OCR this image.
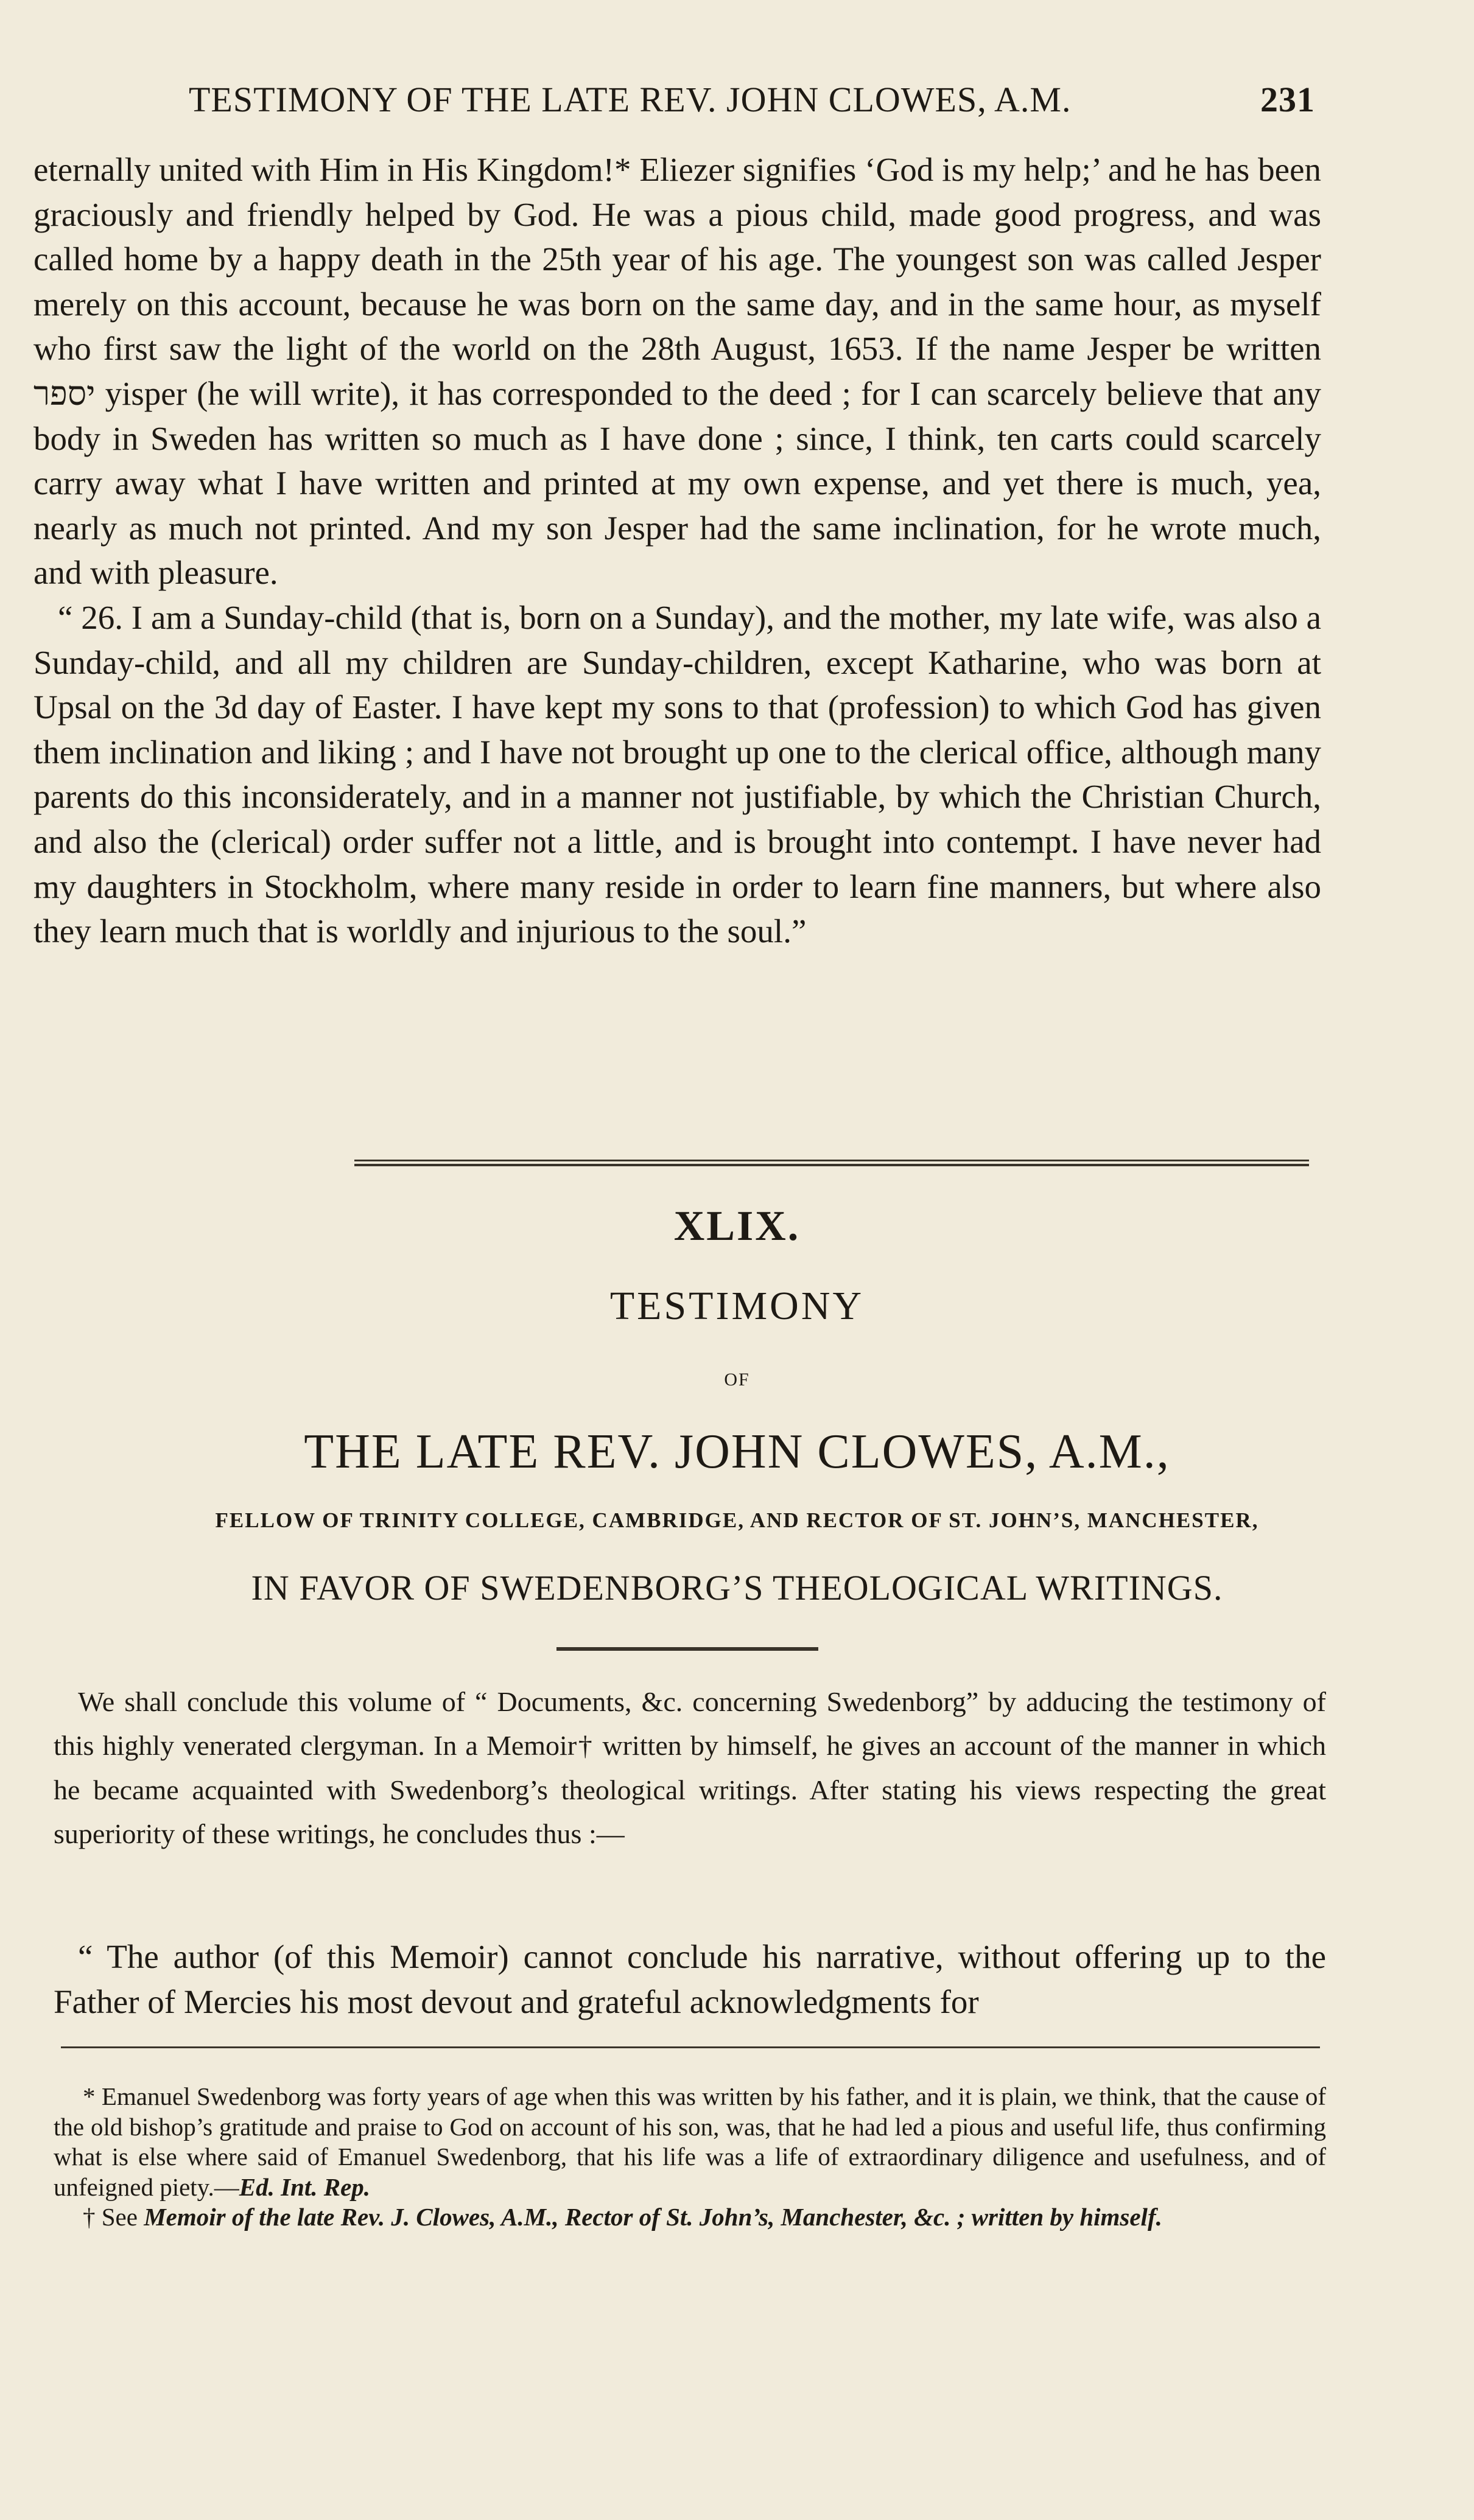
TESTIMONY OF THE LATE REV. JOHN CLOWES, A.M.	231

eternally united with Him in His Kingdom!* Eliezer signifies ‘God is my help;’ and he has been graciously and friendly helped by God. He was a pious child, made good progress, and was called home by a happy death in the 25th year of his age. The youngest son was called Jesper merely on this account, because he was born on the same day, and in the same hour, as myself who first saw the light of the world on the 28th August, 1653. If the name Jesper be written יספר yisper (he will write), it has corresponded to the deed ; for I can scarcely believe that any body in Sweden has written so much as I have done ; since, I think, ten carts could scarcely carry away what I have written and printed at my own expense, and yet there is much, yea, nearly as much not printed. And my son Jesper had the same inclination, for he wrote much, and with pleasure.

“ 26. I am a Sunday-child (that is, born on a Sunday), and the mother, my late wife, was also a Sunday-child, and all my children are Sunday-children, except Katharine, who was born at Upsal on the 3d day of Easter. I have kept my sons to that (profession) to which God has given them inclination and liking ; and I have not brought up one to the clerical office, although many parents do this inconsiderately, and in a manner not justifiable, by which the Christian Church, and also the (clerical) order suffer not a little, and is brought into contempt. I have never had my daughters in Stockholm, where many reside in order to learn fine manners, but where also they learn much that is worldly and injurious to the soul.”

XLIX.
TESTIMONY
OF
THE LATE REV. JOHN CLOWES, A.M.,
FELLOW OF TRINITY COLLEGE, CAMBRIDGE, AND RECTOR OF ST. JOHN’S, MANCHESTER,
IN FAVOR OF SWEDENBORG’S THEOLOGICAL WRITINGS.

We shall conclude this volume of “ Documents, &c. concerning Swedenborg” by adducing the testimony of this highly venerated clergyman. In a Memoir† written by himself, he gives an account of the manner in which he became acquainted with Swedenborg’s theological writings. After stating his views respecting the great superiority of these writings, he concludes thus :—

“ The author (of this Memoir) cannot conclude his narrative, without offering up to the Father of Mercies his most devout and grateful acknowledgments for

* Emanuel Swedenborg was forty years of age when this was written by his father, and it is plain, we think, that the cause of the old bishop’s gratitude and praise to God on account of his son, was, that he had led a pious and useful life, thus confirming what is else where said of Emanuel Swedenborg, that his life was a life of extraordinary diligence and usefulness, and of unfeigned piety.—Ed. Int. Rep.

† See Memoir of the late Rev. J. Clowes, A.M., Rector of St. John’s, Manchester, &c. ; written by himself.
